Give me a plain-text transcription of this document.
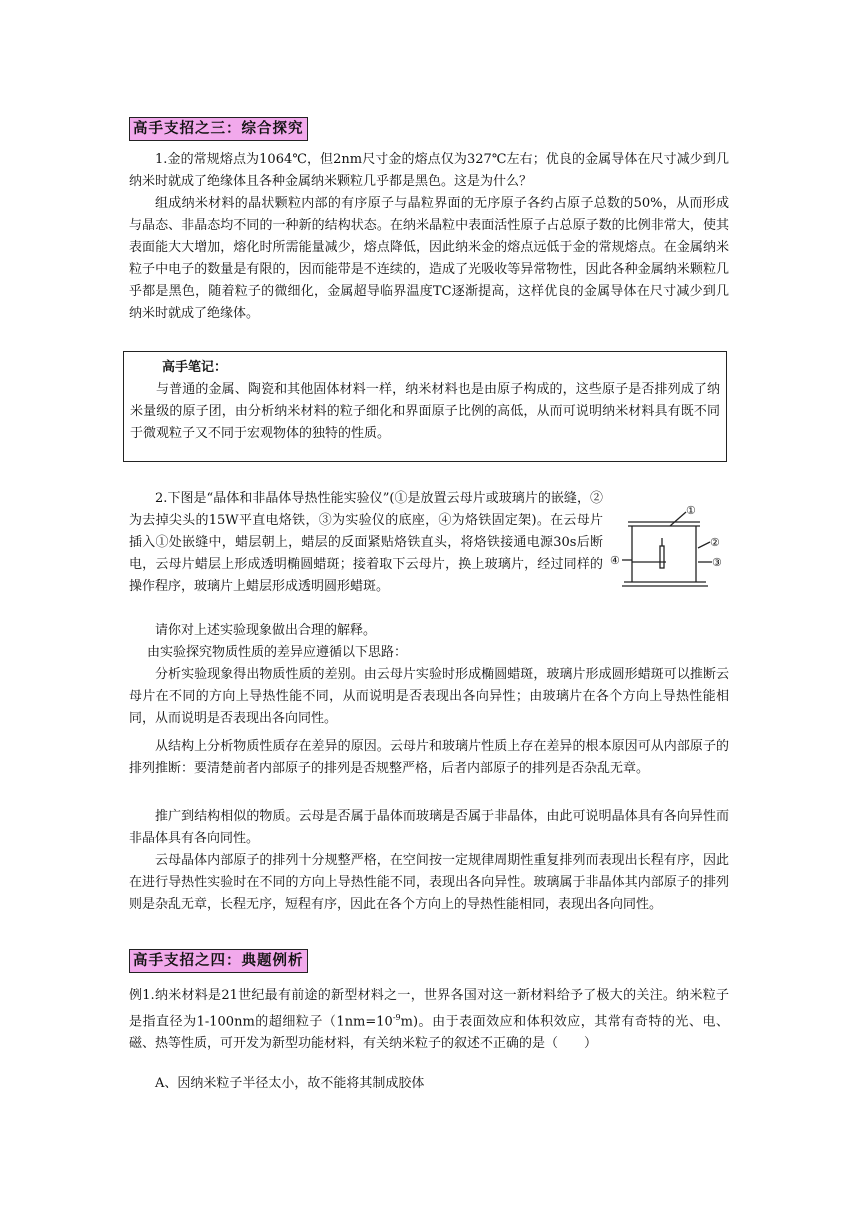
高手支招之三：综合探究

1.金的常规熔点为1064℃，但2nm尺寸金的熔点仅为327℃左右；优良的金属导体在尺寸减少到几纳米时就成了绝缘体且各种金属纳米颗粒几乎都是黑色。这是为什么？

组成纳米材料的晶状颗粒内部的有序原子与晶粒界面的无序原子各约占原子总数的50%，从而形成与晶态、非晶态均不同的一种新的结构状态。在纳米晶粒中表面活性原子占总原子数的比例非常大，使其表面能大大增加，熔化时所需能量减少，熔点降低，因此纳米金的熔点远低于金的常规熔点。在金属纳米粒子中电子的数量是有限的，因而能带是不连续的，造成了光吸收等异常物性，因此各种金属纳米颗粒几乎都是黑色，随着粒子的微细化，金属超导临界温度TC逐渐提高，这样优良的金属导体在尺寸减少到几纳米时就成了绝缘体。

高手笔记：

与普通的金属、陶瓷和其他固体材料一样，纳米材料也是由原子构成的，这些原子是否排列成了纳米量级的原子团，由分析纳米材料的粒子细化和界面原子比例的高低，从而可说明纳米材料具有既不同于微观粒子又不同于宏观物体的独特的性质。

2.下图是“晶体和非晶体导热性能实验仪”(①是放置云母片或玻璃片的嵌缝，②为去掉尖头的15W平直电烙铁，③为实验仪的底座，④为烙铁固定架)。在云母片插入①处嵌缝中，蜡层朝上，蜡层的反面紧贴烙铁直头，将烙铁接通电源30s后断电，云母片蜡层上形成透明椭圆蜡斑；接着取下云母片，换上玻璃片，经过同样的操作程序，玻璃片上蜡层形成透明圆形蜡斑。

①
②
③
④

请你对上述实验现象做出合理的解释。

由实验探究物质性质的差异应遵循以下思路：

分析实验现象得出物质性质的差别。由云母片实验时形成椭圆蜡斑，玻璃片形成圆形蜡斑可以推断云母片在不同的方向上导热性能不同，从而说明是否表现出各向异性；由玻璃片在各个方向上导热性能相同，从而说明是否表现出各向同性。

从结构上分析物质性质存在差异的原因。云母片和玻璃片性质上存在差异的根本原因可从内部原子的排列推断：要清楚前者内部原子的排列是否规整严格，后者内部原子的排列是否杂乱无章。

推广到结构相似的物质。云母是否属于晶体而玻璃是否属于非晶体，由此可说明晶体具有各向异性而非晶体具有各向同性。

云母晶体内部原子的排列十分规整严格，在空间按一定规律周期性重复排列而表现出长程有序，因此在进行导热性实验时在不同的方向上导热性能不同，表现出各向异性。玻璃属于非晶体其内部原子的排列则是杂乱无章，长程无序，短程有序，因此在各个方向上的导热性能相同，表现出各向同性。

高手支招之四：典题例析

例1.纳米材料是21世纪最有前途的新型材料之一，世界各国对这一新材料给予了极大的关注。纳米粒子是指直径为1-100nm的超细粒子$(1nm=10^{-9}m)$。由于表面效应和体积效应，其常有奇特的光、电、磁、热等性质，可开发为新型功能材料，有关纳米粒子的叙述不正确的是（　　）

A、因纳米粒子半径太小，故不能将其制成胶体
